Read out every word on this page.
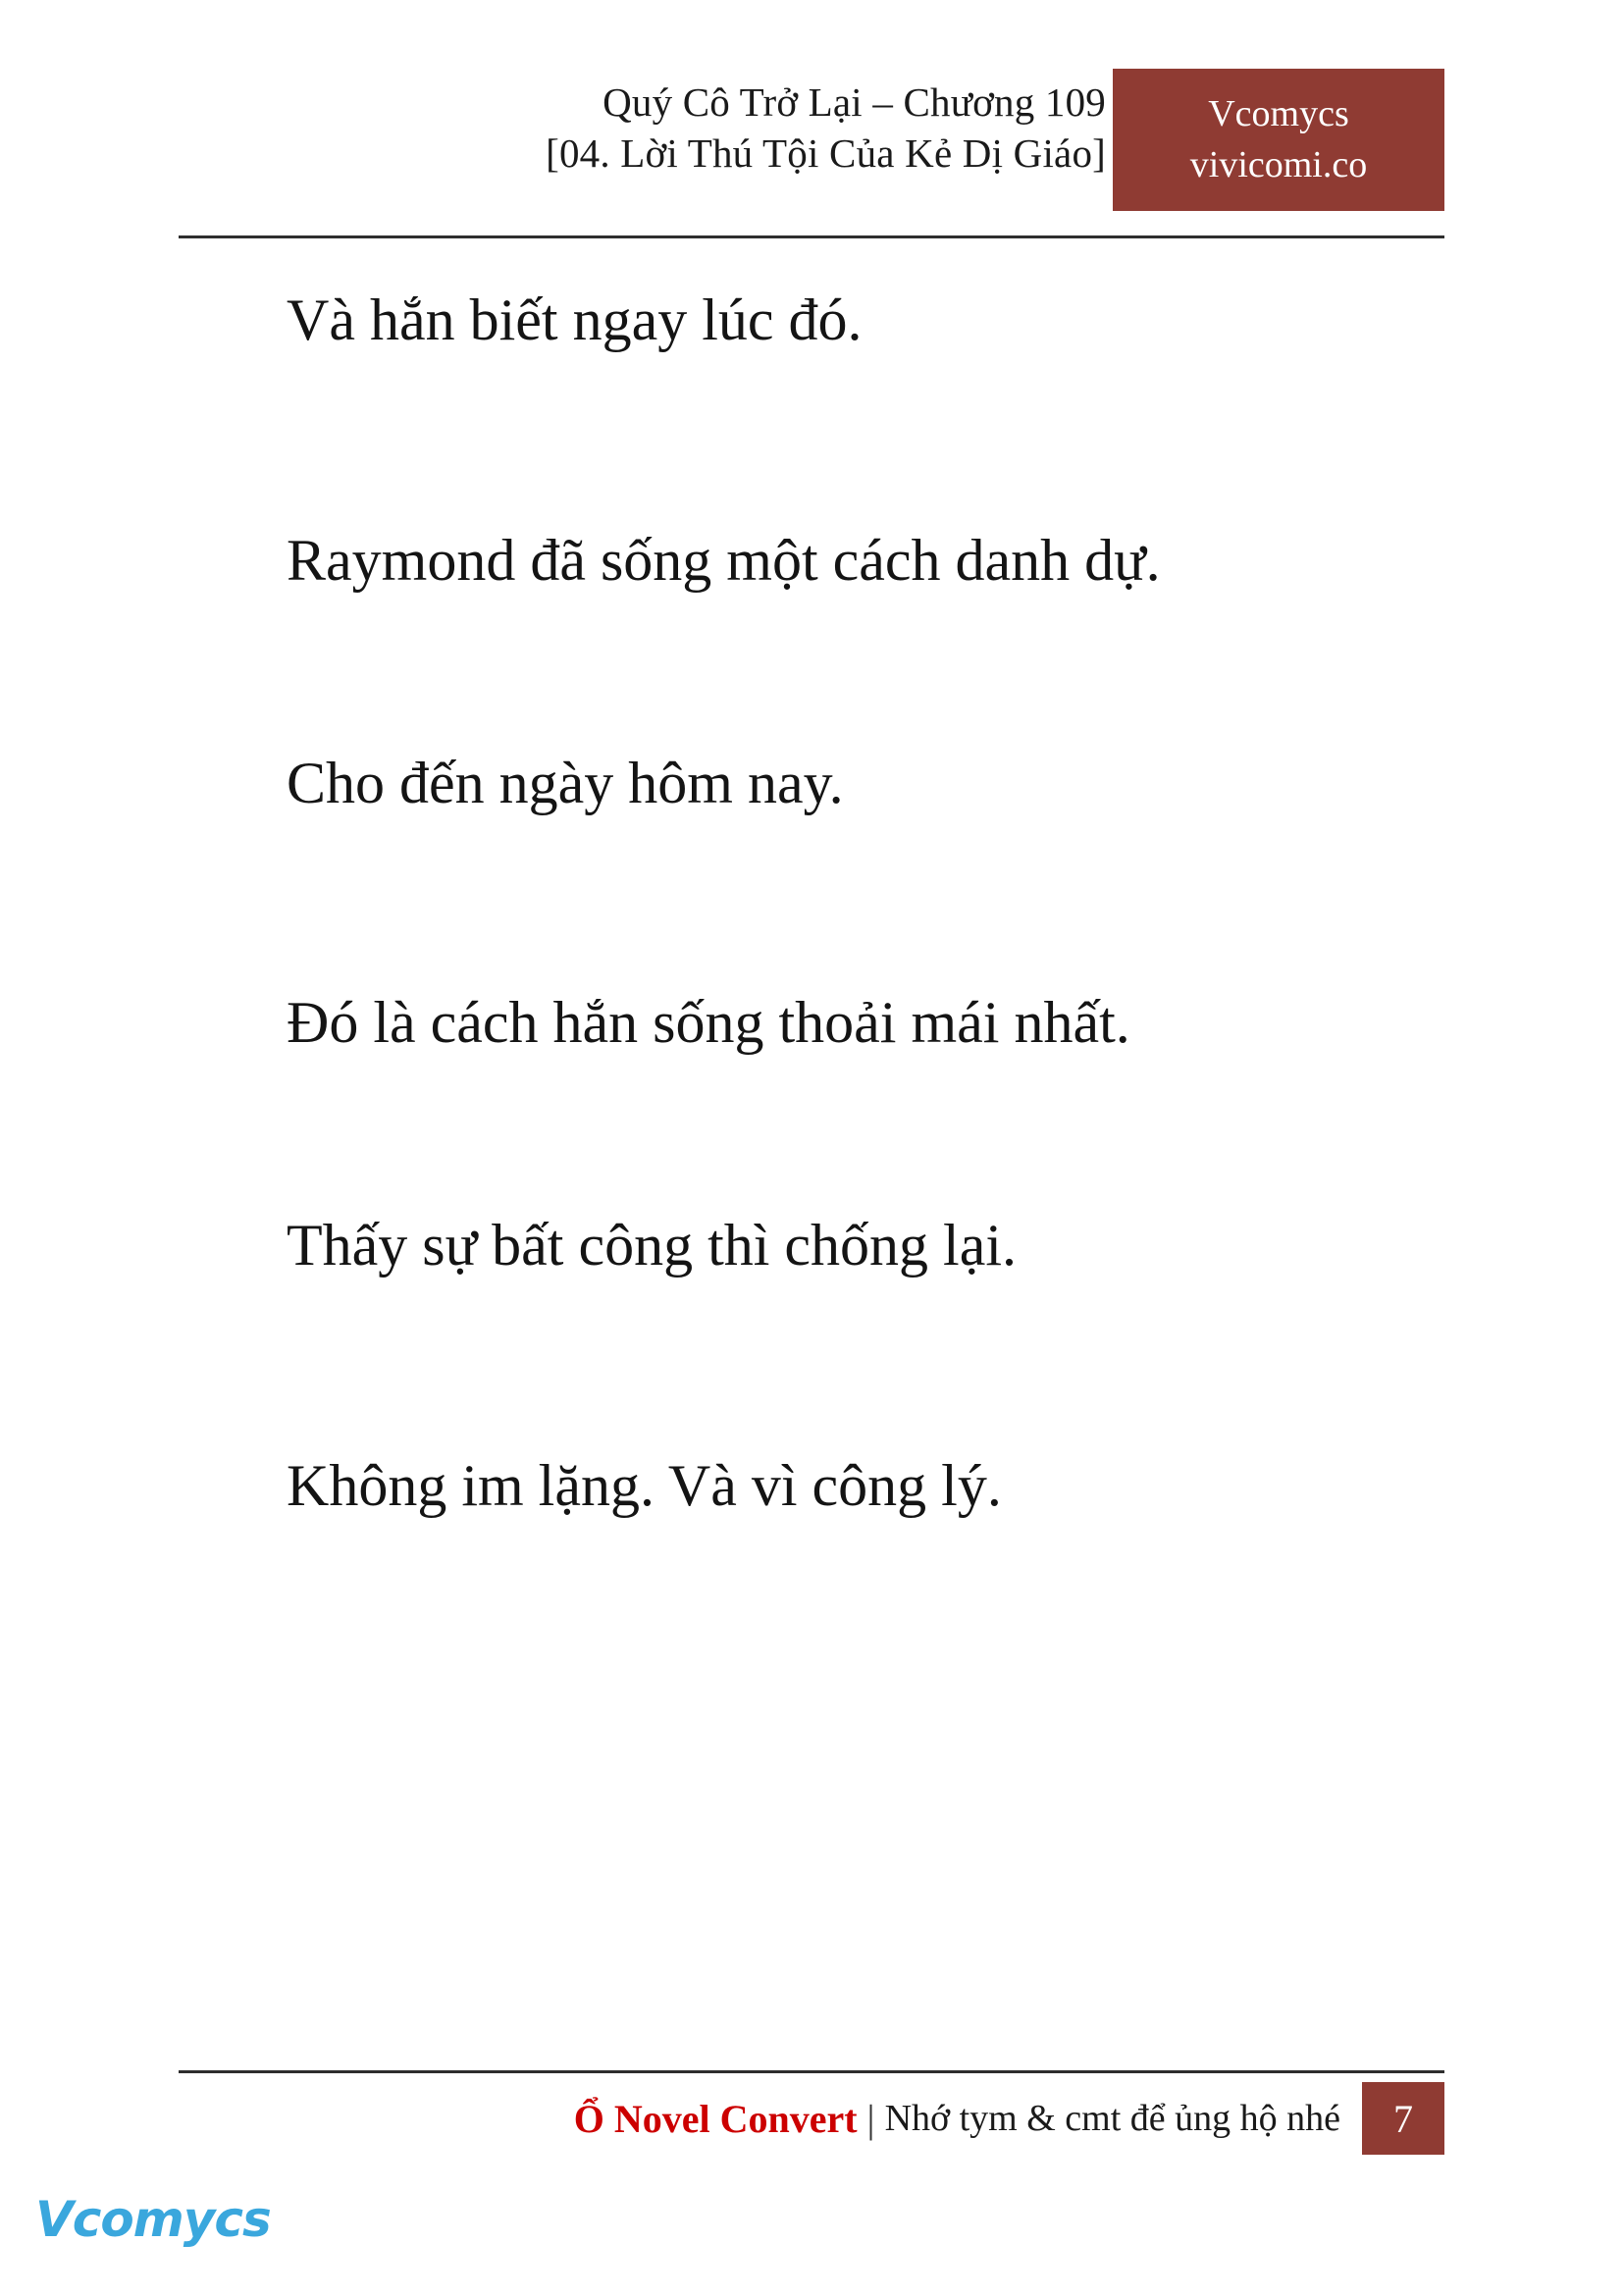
Quý Cô Trở Lại – Chương 109
[04. Lời Thú Tội Của Kẻ Dị Giáo]
Vcomycs
vivicomi.co

Và hắn biết ngay lúc đó.

Raymond đã sống một cách danh dự.

Cho đến ngày hôm nay.

Đó là cách hắn sống thoải mái nhất.

Thấy sự bất công thì chống lại.

Không im lặng. Và vì công lý.

Ổ Novel Convert | Nhớ tym & cmt để ủng hộ nhé	7
Vcomycs
